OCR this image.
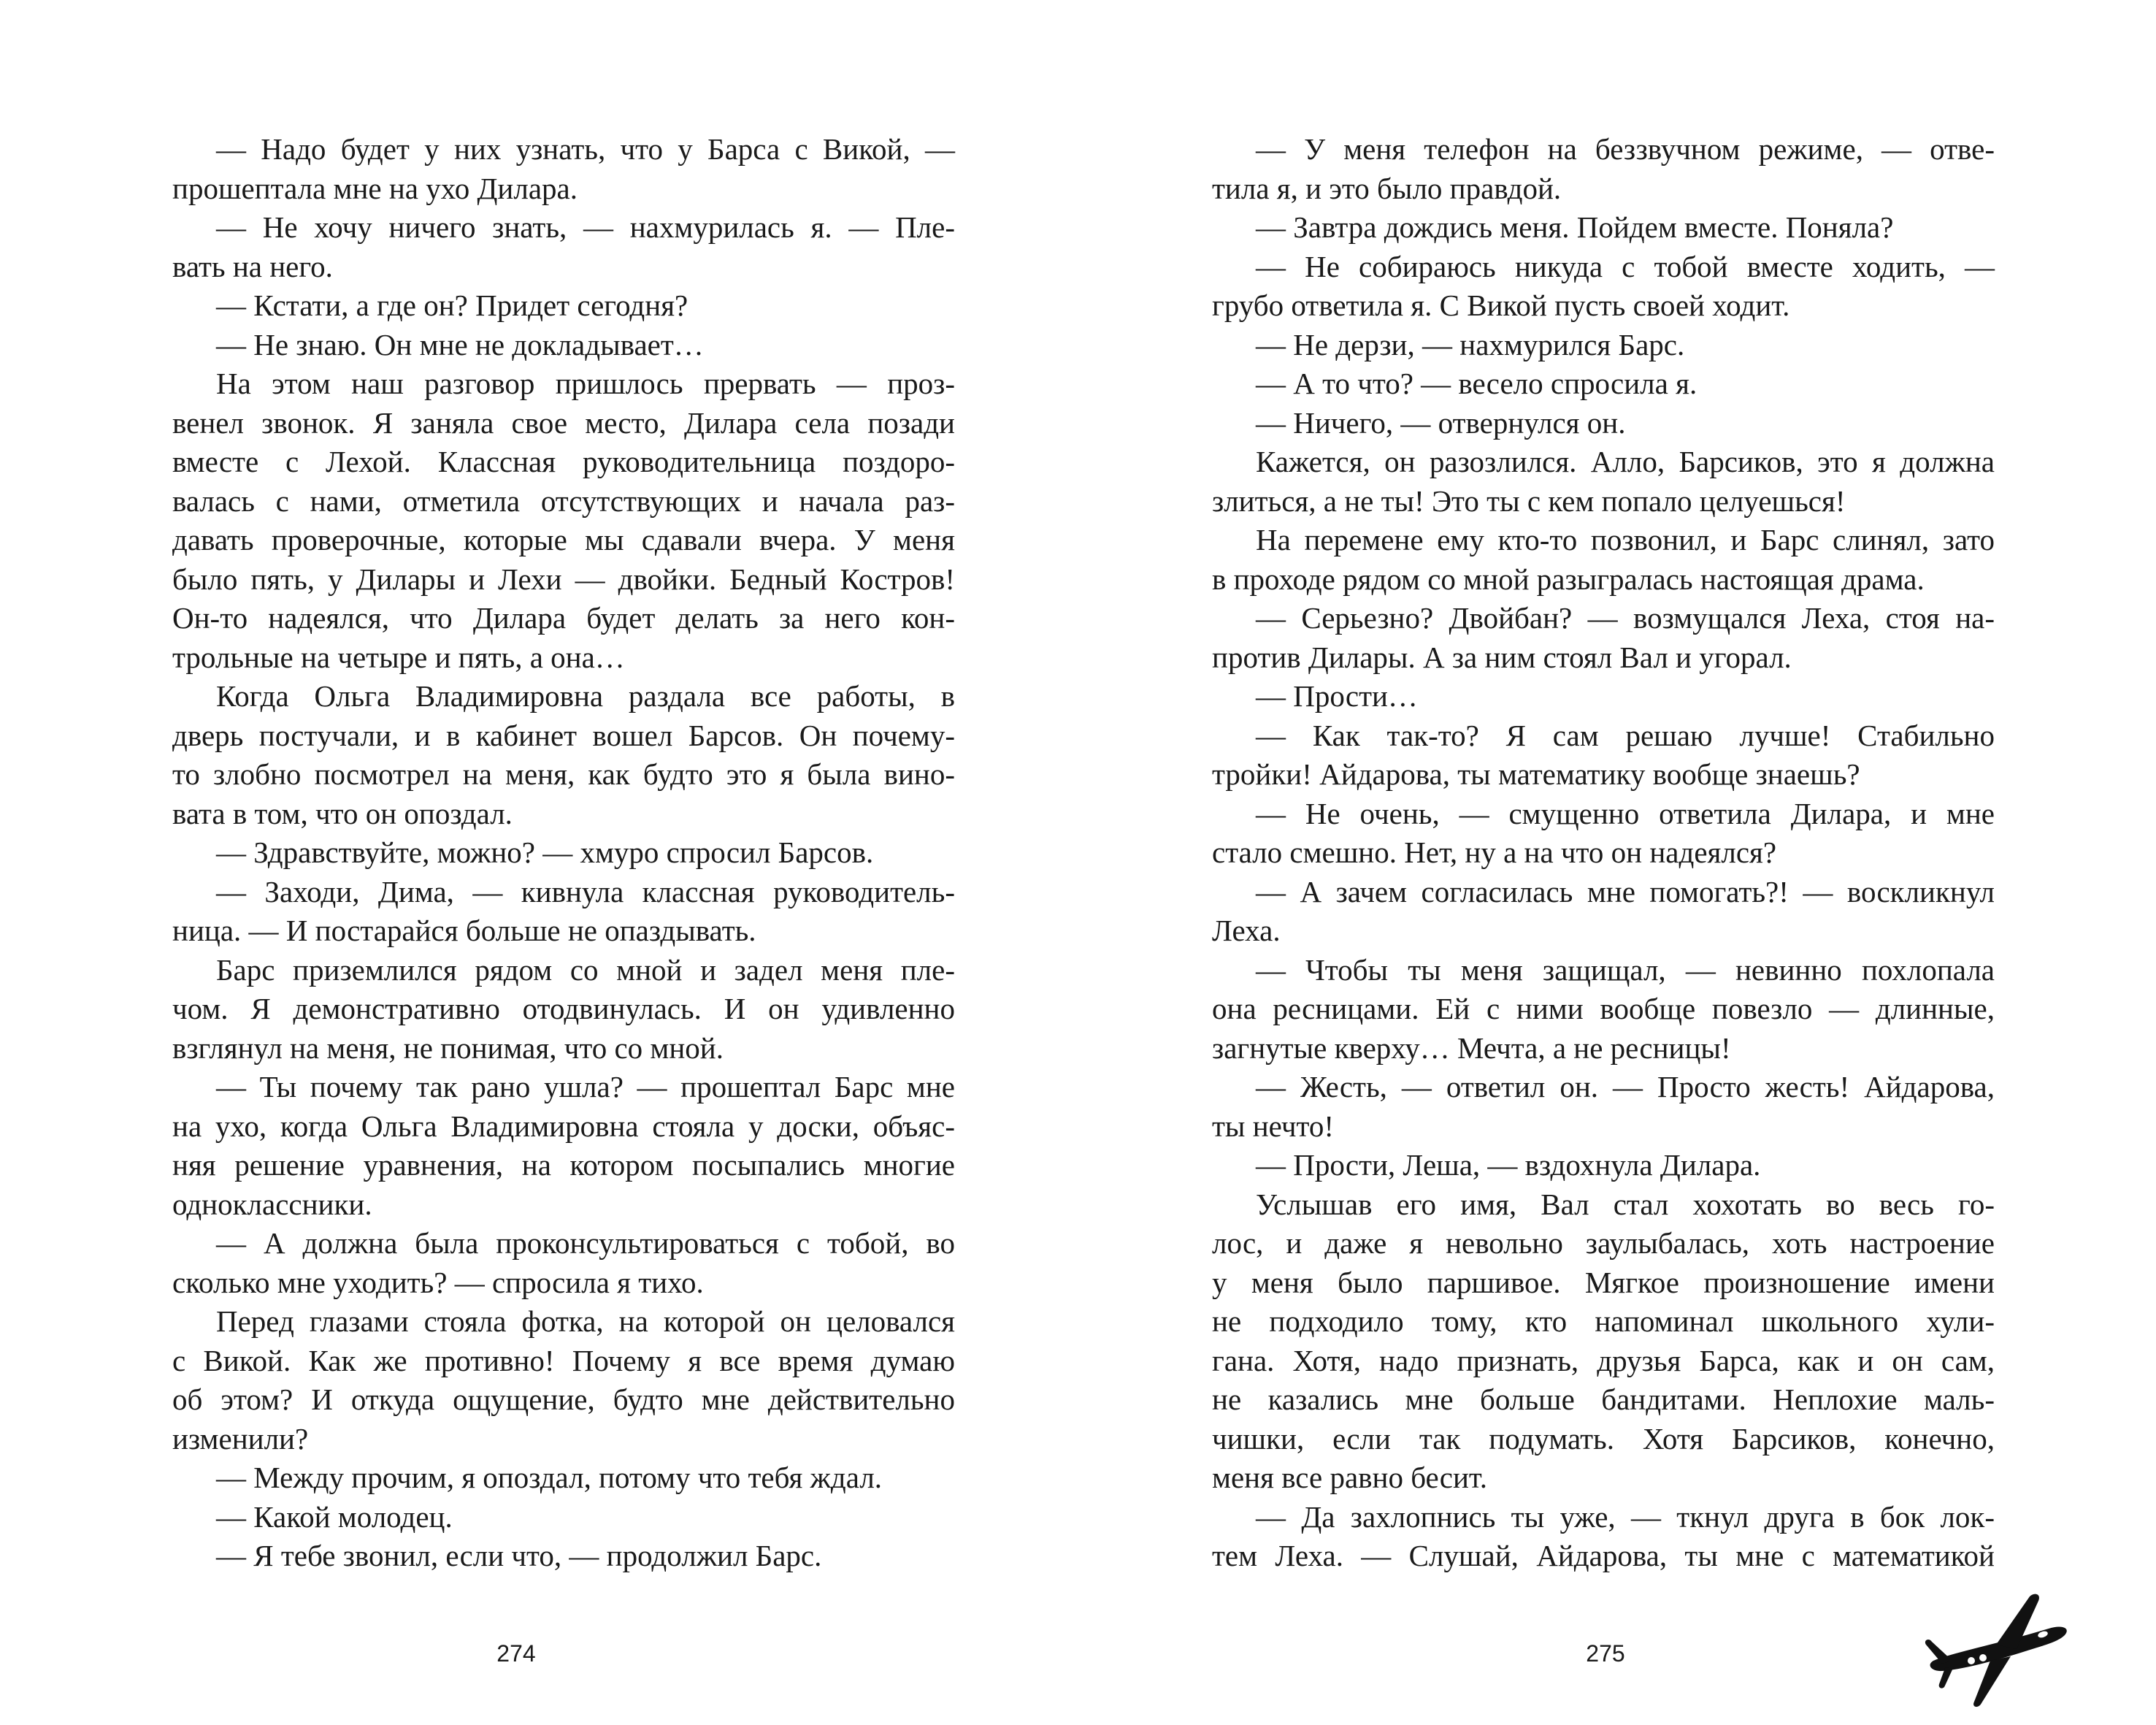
— Надо будет у них узнать, что у Барса с Викой, —
прошептала мне на ухо Дилара.
— Не хочу ничего знать, — нахмурилась я. — Пле-
вать на него.
— Кстати, а где он? Придет сегодня?
— Не знаю. Он мне не докладывает…
На этом наш разговор пришлось прервать — проз-
венел звонок. Я заняла свое место, Дилара села позади
вместе с Лехой. Классная руководительница поздоро-
валась с нами, отметила отсутствующих и начала раз-
давать проверочные, которые мы сдавали вчера. У меня
было пять, у Дилары и Лехи — двойки. Бедный Костров!
Он-то надеялся, что Дилара будет делать за него кон-
трольные на четыре и пять, а она…
Когда Ольга Владимировна раздала все работы, в
дверь постучали, и в кабинет вошел Барсов. Он почему-
то злобно посмотрел на меня, как будто это я была вино-
вата в том, что он опоздал.
— Здравствуйте, можно? — хмуро спросил Барсов.
— Заходи, Дима, — кивнула классная руководитель-
ница. — И постарайся больше не опаздывать.
Барс приземлился рядом со мной и задел меня пле-
чом. Я демонстративно отодвинулась. И он удивленно
взглянул на меня, не понимая, что со мной.
— Ты почему так рано ушла? — прошептал Барс мне
на ухо, когда Ольга Владимировна стояла у доски, объяс-
няя решение уравнения, на котором посыпались многие
одноклассники.
— А должна была проконсультироваться с тобой, во
сколько мне уходить? — спросила я тихо.
Перед глазами стояла фотка, на которой он целовался
с Викой. Как же противно! Почему я все время думаю
об этом? И откуда ощущение, будто мне действительно
изменили?
— Между прочим, я опоздал, потому что тебя ждал.
— Какой молодец.
— Я тебе звонил, если что, — продолжил Барс.
— У меня телефон на беззвучном режиме, — отве-
тила я, и это было правдой.
— Завтра дождись меня. Пойдем вместе. Поняла?
— Не собираюсь никуда с тобой вместе ходить, —
грубо ответила я. С Викой пусть своей ходит.
— Не дерзи, — нахмурился Барс.
— А то что? — весело спросила я.
— Ничего, — отвернулся он.
Кажется, он разозлился. Алло, Барсиков, это я должна
злиться, а не ты! Это ты с кем попало целуешься!
На перемене ему кто-то позвонил, и Барс слинял, зато
в проходе рядом со мной разыгралась настоящая драма.
— Серьезно? Двойбан? — возмущался Леха, стоя на-
против Дилары. А за ним стоял Вал и угорал.
— Прости…
— Как так-то? Я сам решаю лучше! Стабильно
тройки! Айдарова, ты математику вообще знаешь?
— Не очень, — смущенно ответила Дилара, и мне
стало смешно. Нет, ну а на что он надеялся?
— А зачем согласилась мне помогать?! — воскликнул
Леха.
— Чтобы ты меня защищал, — невинно похлопала
она ресницами. Ей с ними вообще повезло — длинные,
загнутые кверху… Мечта, а не ресницы!
— Жесть, — ответил он. — Просто жесть! Айдарова,
ты нечто!
— Прости, Леша, — вздохнула Дилара.
Услышав его имя, Вал стал хохотать во весь го-
лос, и даже я невольно заулыбалась, хоть настроение
у меня было паршивое. Мягкое произношение имени
не подходило тому, кто напоминал школьного хули-
гана. Хотя, надо признать, друзья Барса, как и он сам,
не казались мне больше бандитами. Неплохие маль-
чишки, если так подумать. Хотя Барсиков, конечно,
меня все равно бесит.
— Да захлопнись ты уже, — ткнул друга в бок лок-
тем Леха. — Слушай, Айдарова, ты мне с математикой
274	275
